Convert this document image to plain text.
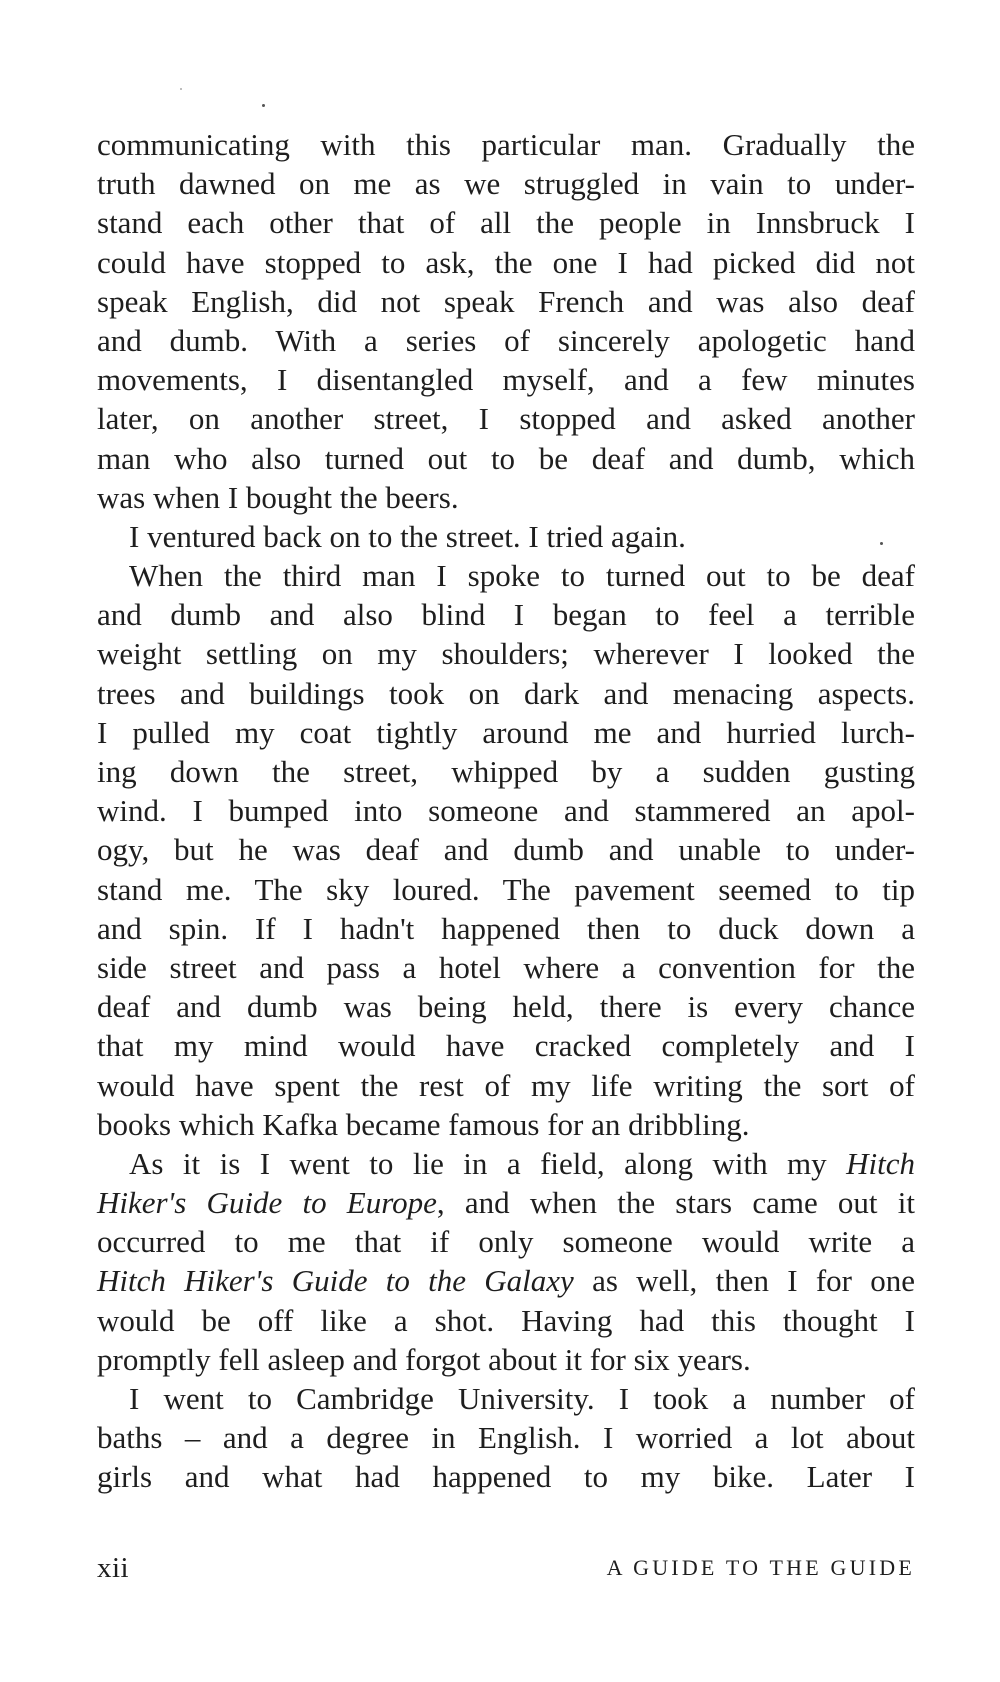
communicating with this particular man. Gradually the
truth dawned on me as we struggled in vain to under-
stand each other that of all the people in Innsbruck I
could have stopped to ask, the one I had picked did not
speak English, did not speak French and was also deaf
and dumb. With a series of sincerely apologetic hand
movements, I disentangled myself, and a few minutes
later, on another street, I stopped and asked another
man who also turned out to be deaf and dumb, which
was when I bought the beers.
I ventured back on to the street. I tried again.
When the third man I spoke to turned out to be deaf
and dumb and also blind I began to feel a terrible
weight settling on my shoulders; wherever I looked the
trees and buildings took on dark and menacing aspects.
I pulled my coat tightly around me and hurried lurch-
ing down the street, whipped by a sudden gusting
wind. I bumped into someone and stammered an apol-
ogy, but he was deaf and dumb and unable to under-
stand me. The sky loured. The pavement seemed to tip
and spin. If I hadn't happened then to duck down a
side street and pass a hotel where a convention for the
deaf and dumb was being held, there is every chance
that my mind would have cracked completely and I
would have spent the rest of my life writing the sort of
books which Kafka became famous for an dribbling.
As it is I went to lie in a field, along with my Hitch
Hiker's Guide to Europe, and when the stars came out it
occurred to me that if only someone would write a
Hitch Hiker's Guide to the Galaxy as well, then I for one
would be off like a shot. Having had this thought I
promptly fell asleep and forgot about it for six years.
I went to Cambridge University. I took a number of
baths – and a degree in English. I worried a lot about
girls and what had happened to my bike. Later I
xii	A GUIDE TO THE GUIDE
